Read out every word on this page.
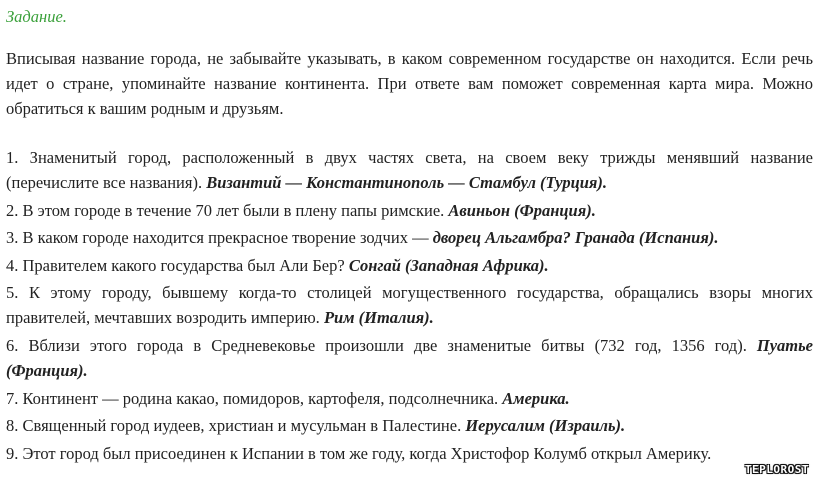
Задание.

Вписывая название города, не забывайте указывать, в каком современном государстве он находится. Если речь идет о стране, упоминайте название континента. При ответе вам поможет современная карта мира. Можно обратиться к вашим родным и друзьям.

1. Знаменитый город, расположенный в двух частях света, на своем веку трижды менявший название (перечислите все названия). Византий — Константинополь — Стамбул (Турция).
2. В этом городе в течение 70 лет были в плену папы римские. Авиньон (Франция).
3. В каком городе находится прекрасное творение зодчих — дворец Альгамбра? Гранада (Испания).
4. Правителем какого государства был Али Бер? Сонгай (Западная Африка).
5. К этому городу, бывшему когда-то столицей могущественного государства, обращались взоры многих правителей, мечтавших возродить империю. Рим (Италия).
6. Вблизи этого города в Средневековье произошли две знаменитые битвы (732 год, 1356 год). Пуатье (Франция).
7. Континент — родина какао, помидоров, картофеля, подсолнечника. Америка.
8. Священный город иудеев, христиан и мусульман в Палестине. Иерусалим (Израиль).
9. Этот город был присоединен к Испании в том же году, когда Христофор Колумб открыл Америку.
TEPLOROST
